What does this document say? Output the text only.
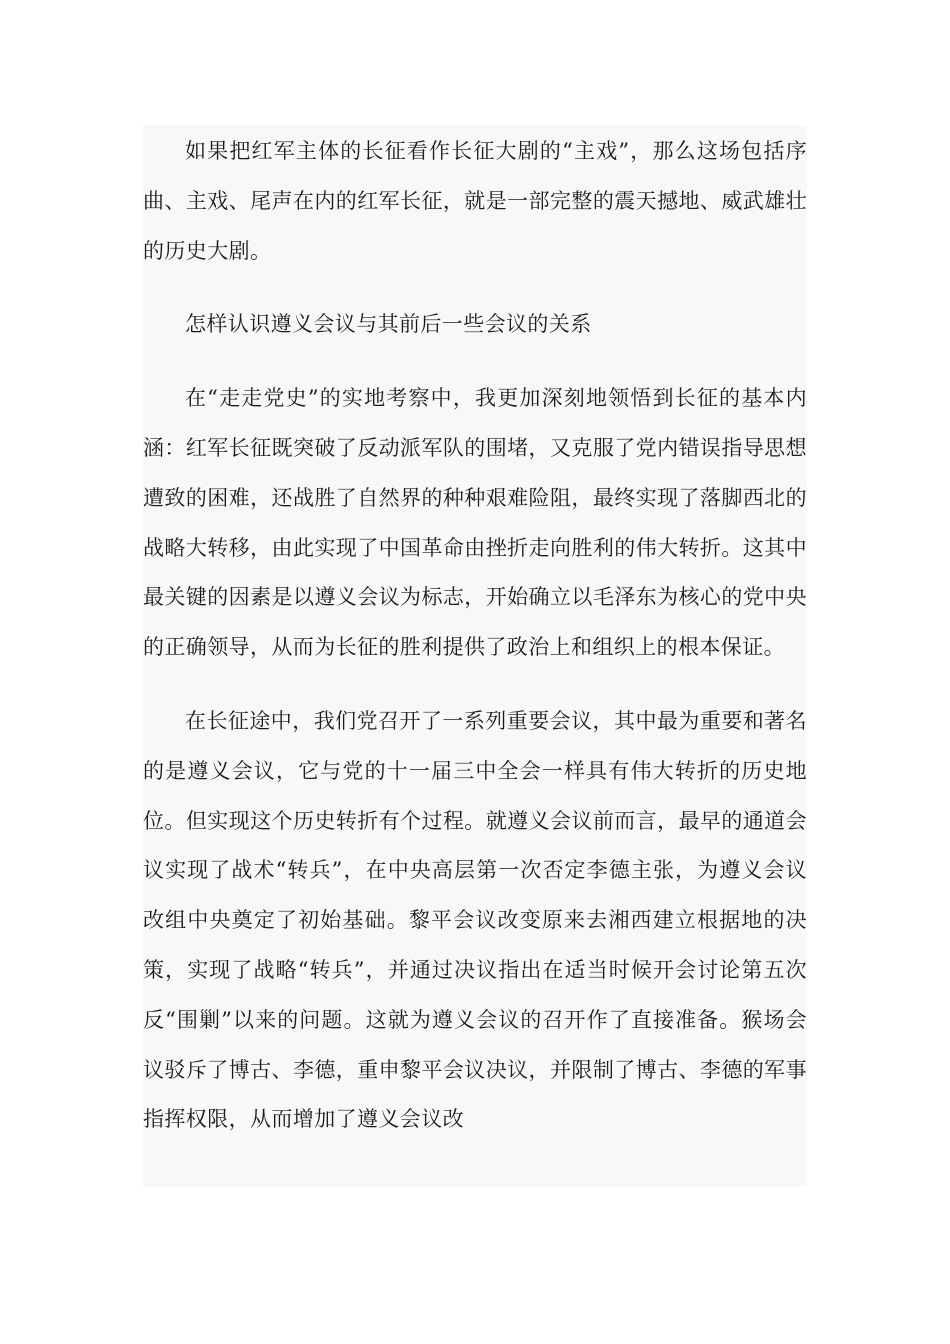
如果把红军主体的长征看作长征大剧的“主戏”，那么这场包括序曲、主戏、尾声在内的红军长征，就是一部完整的震天撼地、威武雄壮的历史大剧。

怎样认识遵义会议与其前后一些会议的关系

在“走走党史”的实地考察中，我更加深刻地领悟到长征的基本内涵：红军长征既突破了反动派军队的围堵，又克服了党内错误指导思想遭致的困难，还战胜了自然界的种种艰难险阻，最终实现了落脚西北的战略大转移，由此实现了中国革命由挫折走向胜利的伟大转折。这其中最关键的因素是以遵义会议为标志，开始确立以毛泽东为核心的党中央的正确领导，从而为长征的胜利提供了政治上和组织上的根本保证。

在长征途中，我们党召开了一系列重要会议，其中最为重要和著名的是遵义会议，它与党的十一届三中全会一样具有伟大转折的历史地位。但实现这个历史转折有个过程。就遵义会议前而言，最早的通道会议实现了战术“转兵”，在中央高层第一次否定李德主张，为遵义会议改组中央奠定了初始基础。黎平会议改变原来去湘西建立根据地的决策，实现了战略“转兵”，并通过决议指出在适当时候开会讨论第五次反“围剿”以来的问题。这就为遵义会议的召开作了直接准备。猴场会议驳斥了博古、李德，重申黎平会议决议，并限制了博古、李德的军事指挥权限，从而增加了遵义会议改
